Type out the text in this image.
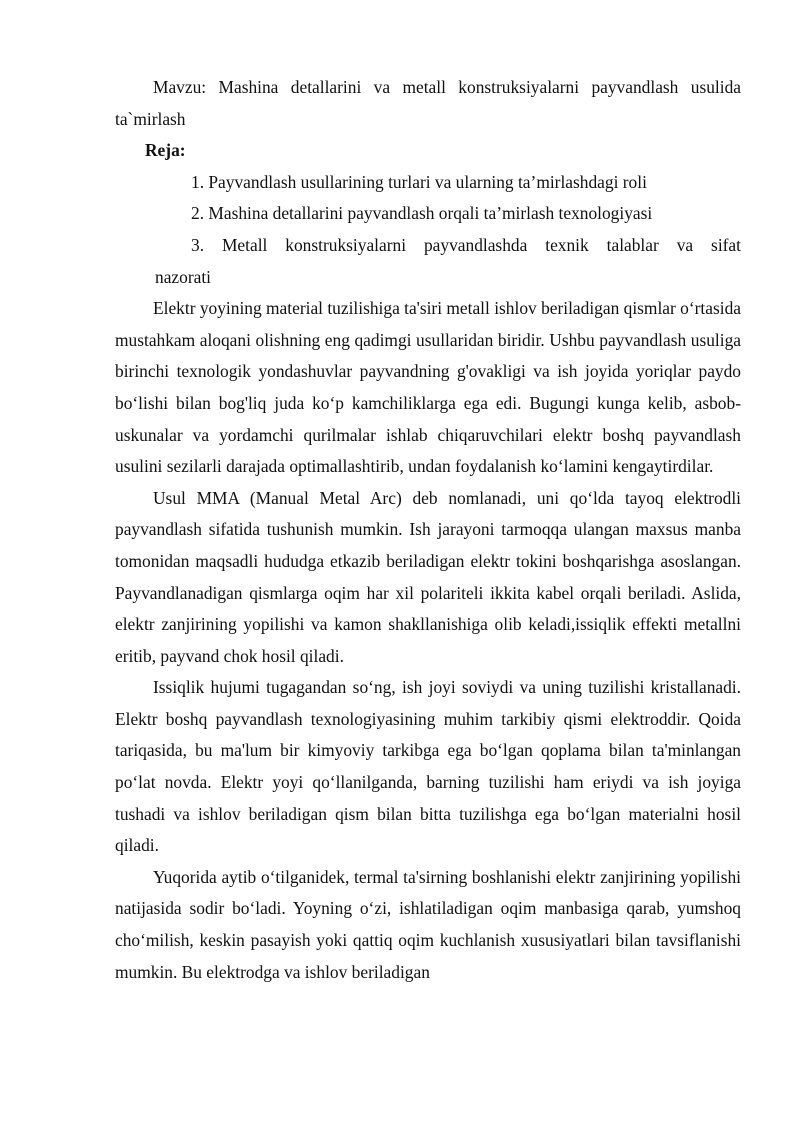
Mavzu: Mashina detallarini va metall konstruksiyalarni payvandlash usulida ta`mirlash

Reja:
1. Payvandlash usullarining turlari va ularning ta’mirlashdagi roli
2. Mashina detallarini payvandlash orqali ta’mirlash texnologiyasi
3. Metall konstruksiyalarni payvandlashda texnik talablar va sifat
nazorati

Elektr yoyining material tuzilishiga ta'siri metall ishlov beriladigan qismlar o‘rtasida mustahkam aloqani olishning eng qadimgi usullaridan biridir. Ushbu payvandlash usuliga birinchi texnologik yondashuvlar payvandning g'ovakligi va ish joyida yoriqlar paydo bo‘lishi bilan bog'liq juda ko‘p kamchiliklarga ega edi. Bugungi kunga kelib, asbob-uskunalar va yordamchi qurilmalar ishlab chiqaruvchilari elektr boshq payvandlash usulini sezilarli darajada optimallashtirib, undan foydalanish ko‘lamini kengaytirdilar.

Usul MMA (Manual Metal Arc) deb nomlanadi, uni qo‘lda tayoq elektrodli payvandlash sifatida tushunish mumkin. Ish jarayoni tarmoqqa ulangan maxsus manba tomonidan maqsadli hududga etkazib beriladigan elektr tokini boshqarishga asoslangan. Payvandlanadigan qismlarga oqim har xil polariteli ikkita kabel orqali beriladi. Aslida, elektr zanjirining yopilishi va kamon shakllanishiga olib keladi,issiqlik effekti metallni eritib, payvand chok hosil qiladi.

Issiqlik hujumi tugagandan so‘ng, ish joyi soviydi va uning tuzilishi kristallanadi. Elektr boshq payvandlash texnologiyasining muhim tarkibiy qismi elektroddir. Qoida tariqasida, bu ma'lum bir kimyoviy tarkibga ega bo‘lgan qoplama bilan ta'minlangan po‘lat novda. Elektr yoyi qo‘llanilganda, barning tuzilishi ham eriydi va ish joyiga tushadi va ishlov beriladigan qism bilan bitta tuzilishga ega bo‘lgan materialni hosil qiladi.

Yuqorida aytib o‘tilganidek, termal ta'sirning boshlanishi elektr zanjirining yopilishi natijasida sodir bo‘ladi. Yoyning o‘zi, ishlatiladigan oqim manbasiga qarab, yumshoq cho‘milish, keskin pasayish yoki qattiq oqim kuchlanish xususiyatlari bilan tavsiflanishi mumkin. Bu elektrodga va ishlov beriladigan
